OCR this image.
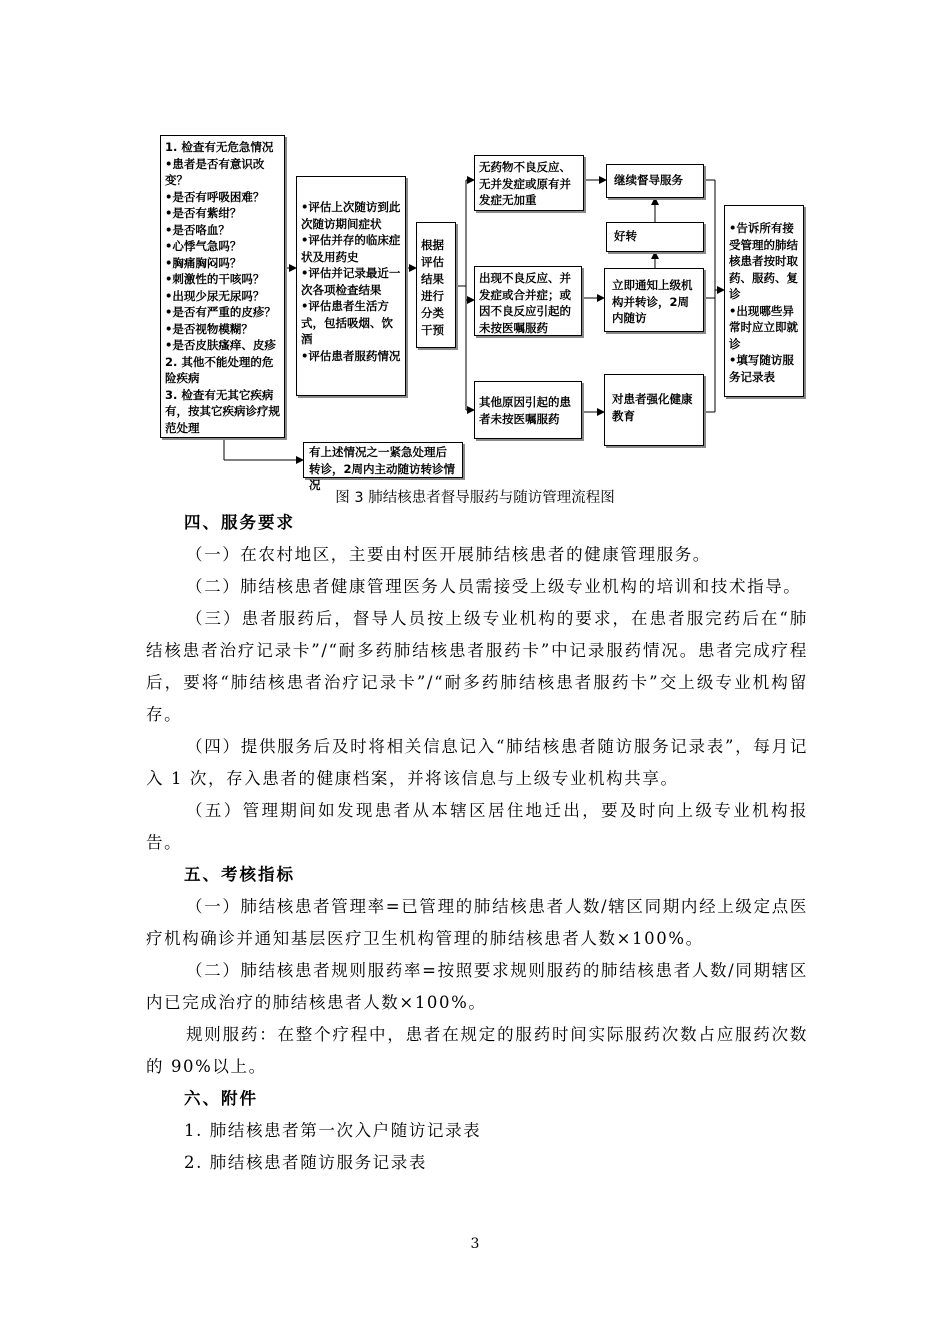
1. 检查有无危急情况
•患者是否有意识改变？
•是否有呼吸困难？
•是否有紫绀？
•是否咯血？
•心悸气急吗？
•胸痛胸闷吗？
•刺激性的干咳吗？
•出现少尿无尿吗？
•是否有严重的皮疹？
•是否视物模糊？
•是否皮肤瘙痒、皮疹
2. 其他不能处理的危险疾病
3. 检查有无其它疾病有，按其它疾病诊疗规范处理
•评估上次随访到此次随访期间症状
•评估并存的临床症状及用药史
•评估并记录最近一次各项检查结果
•评估患者生活方式，包括吸烟、饮酒
•评估患者服药情况
根据评估结果进行分类干预
无药物不良反应、无并发症或原有并发症无加重
出现不良反应、并发症或合并症；或因不良反应引起的未按医嘱服药
其他原因引起的患者未按医嘱服药
继续督导服务
好转
立即通知上级机构并转诊，2周内随访
对患者强化健康教育
•告诉所有接受管理的肺结核患者按时取药、服药、复诊
•出现哪些异常时应立即就诊
•填写随访服务记录表
有上述情况之一紧急处理后转诊，2周内主动随访转诊情况
图 3 肺结核患者督导服药与随访管理流程图
四、服务要求
（一）在农村地区，主要由村医开展肺结核患者的健康管理服务。
（二）肺结核患者健康管理医务人员需接受上级专业机构的培训和技术指导。
（三）患者服药后，督导人员按上级专业机构的要求，在患者服完药后在“肺结核患者治疗记录卡”/“耐多药肺结核患者服药卡”中记录服药情况。患者完成疗程后，要将“肺结核患者治疗记录卡”/“耐多药肺结核患者服药卡”交上级专业机构留存。
（四）提供服务后及时将相关信息记入“肺结核患者随访服务记录表”，每月记入 1 次，存入患者的健康档案，并将该信息与上级专业机构共享。
（五）管理期间如发现患者从本辖区居住地迁出，要及时向上级专业机构报告。
五、考核指标
（一）肺结核患者管理率=已管理的肺结核患者人数/辖区同期内经上级定点医疗机构确诊并通知基层医疗卫生机构管理的肺结核患者人数×100%。
（二）肺结核患者规则服药率=按照要求规则服药的肺结核患者人数/同期辖区内已完成治疗的肺结核患者人数×100%。
规则服药：在整个疗程中，患者在规定的服药时间实际服药次数占应服药次数的 90%以上。
六、附件
1. 肺结核患者第一次入户随访记录表
2. 肺结核患者随访服务记录表
3
